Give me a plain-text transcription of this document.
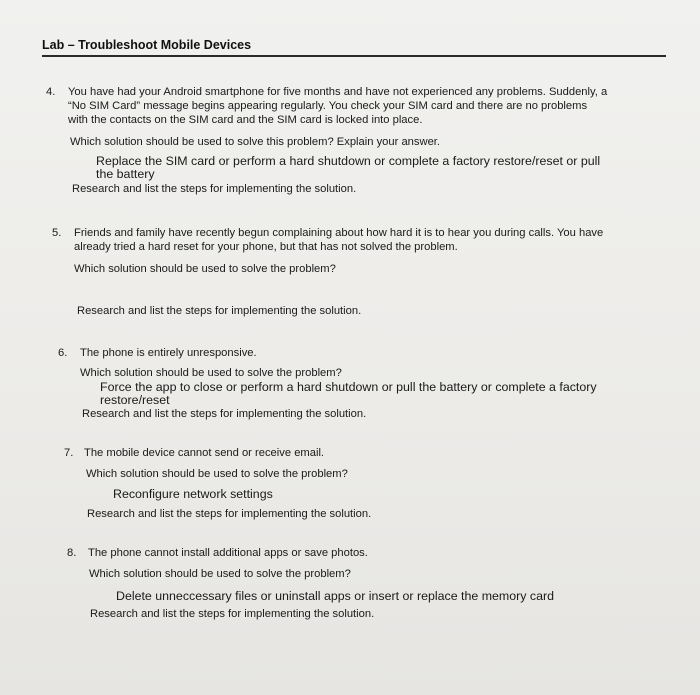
Lab – Troubleshoot Mobile Devices
4. You have had your Android smartphone for five months and have not experienced any problems. Suddenly, a
“No SIM Card” message begins appearing regularly. You check your SIM card and there are no problems
with the contacts on the SIM card and the SIM card is locked into place.
Which solution should be used to solve this problem? Explain your answer.
Replace the SIM card or perform a hard shutdown or complete a factory restore/reset or pull
the battery
Research and list the steps for implementing the solution.
5. Friends and family have recently begun complaining about how hard it is to hear you during calls. You have
already tried a hard reset for your phone, but that has not solved the problem.
Which solution should be used to solve the problem?
Research and list the steps for implementing the solution.
6. The phone is entirely unresponsive.
Which solution should be used to solve the problem?
Force the app to close or perform a hard shutdown or pull the battery or complete a factory
restore/reset
Research and list the steps for implementing the solution.
7. The mobile device cannot send or receive email.
Which solution should be used to solve the problem?
Reconfigure network settings
Research and list the steps for implementing the solution.
8. The phone cannot install additional apps or save photos.
Which solution should be used to solve the problem?
Delete unneccessary files or uninstall apps or insert or replace the memory card
Research and list the steps for implementing the solution.
